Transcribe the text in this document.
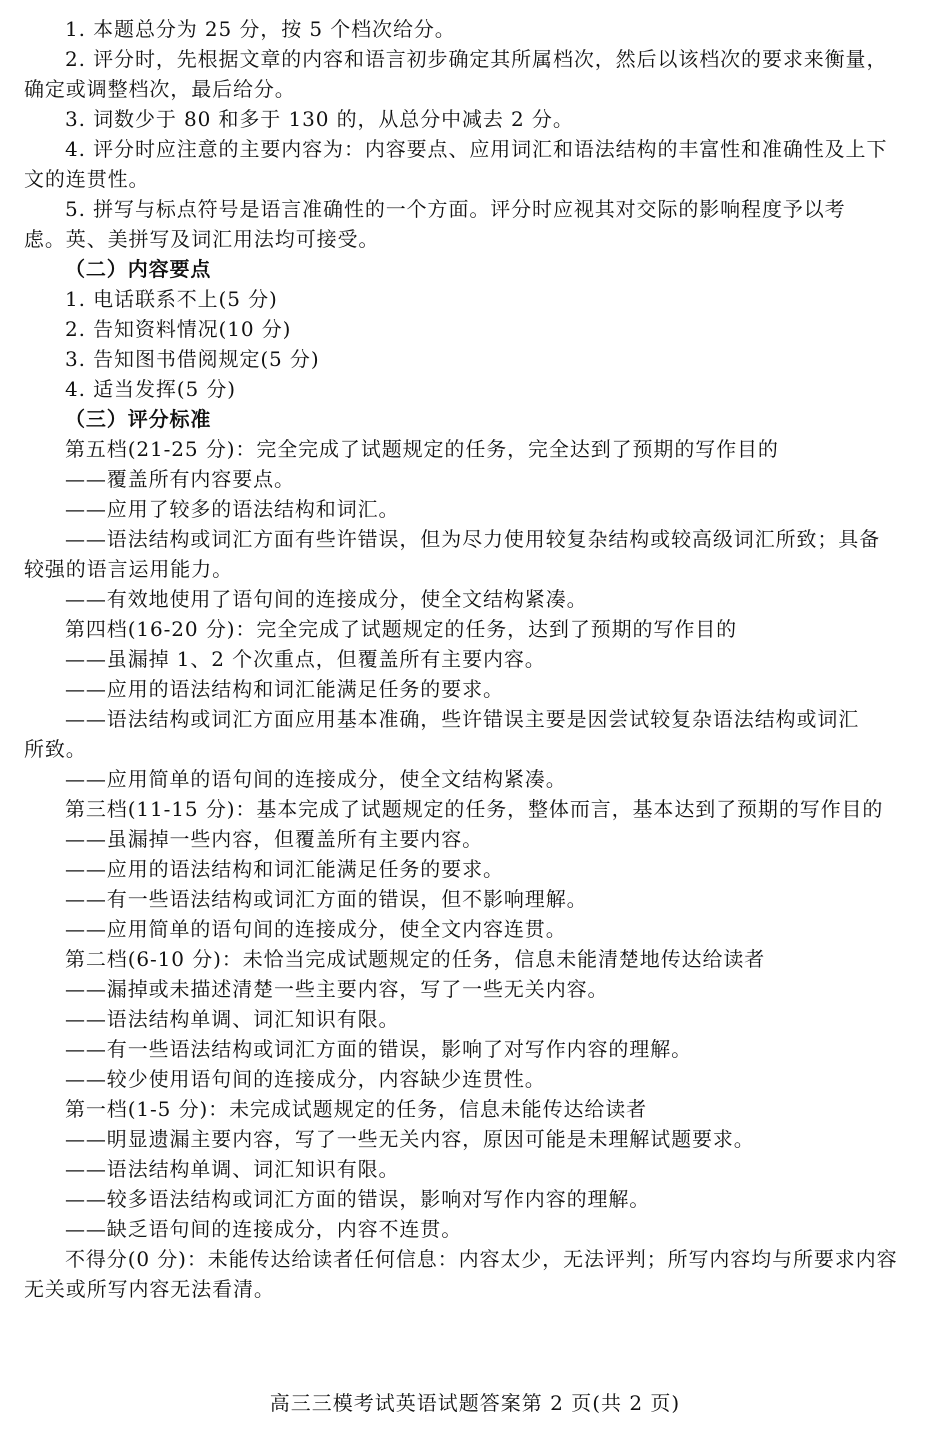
1. 本题总分为 25 分，按 5 个档次给分。
2. 评分时，先根据文章的内容和语言初步确定其所属档次，然后以该档次的要求来衡量，
确定或调整档次，最后给分。
3. 词数少于 80 和多于 130 的，从总分中减去 2 分。
4. 评分时应注意的主要内容为：内容要点、应用词汇和语法结构的丰富性和准确性及上下
文的连贯性。
5. 拼写与标点符号是语言准确性的一个方面。评分时应视其对交际的影响程度予以考
虑。英、美拼写及词汇用法均可接受。
（二）内容要点
1. 电话联系不上(5 分)
2. 告知资料情况(10 分)
3. 告知图书借阅规定(5 分)
4. 适当发挥(5 分)
（三）评分标准
第五档(21-25 分)：完全完成了试题规定的任务，完全达到了预期的写作目的
——覆盖所有内容要点。
——应用了较多的语法结构和词汇。
——语法结构或词汇方面有些许错误，但为尽力使用较复杂结构或较高级词汇所致；具备
较强的语言运用能力。
——有效地使用了语句间的连接成分，使全文结构紧凑。
第四档(16-20 分)：完全完成了试题规定的任务，达到了预期的写作目的
——虽漏掉 1、2 个次重点，但覆盖所有主要内容。
——应用的语法结构和词汇能满足任务的要求。
——语法结构或词汇方面应用基本准确，些许错误主要是因尝试较复杂语法结构或词汇
所致。
——应用简单的语句间的连接成分，使全文结构紧凑。
第三档(11-15 分)：基本完成了试题规定的任务，整体而言，基本达到了预期的写作目的
——虽漏掉一些内容，但覆盖所有主要内容。
——应用的语法结构和词汇能满足任务的要求。
——有一些语法结构或词汇方面的错误，但不影响理解。
——应用简单的语句间的连接成分，使全文内容连贯。
第二档(6-10 分)：未恰当完成试题规定的任务，信息未能清楚地传达给读者
——漏掉或未描述清楚一些主要内容，写了一些无关内容。
——语法结构单调、词汇知识有限。
——有一些语法结构或词汇方面的错误，影响了对写作内容的理解。
——较少使用语句间的连接成分，内容缺少连贯性。
第一档(1-5 分)：未完成试题规定的任务，信息未能传达给读者
——明显遗漏主要内容，写了一些无关内容，原因可能是未理解试题要求。
——语法结构单调、词汇知识有限。
——较多语法结构或词汇方面的错误，影响对写作内容的理解。
——缺乏语句间的连接成分，内容不连贯。
不得分(0 分)：未能传达给读者任何信息：内容太少，无法评判；所写内容均与所要求内容
无关或所写内容无法看清。
高三三模考试英语试题答案第 2 页(共 2 页)
